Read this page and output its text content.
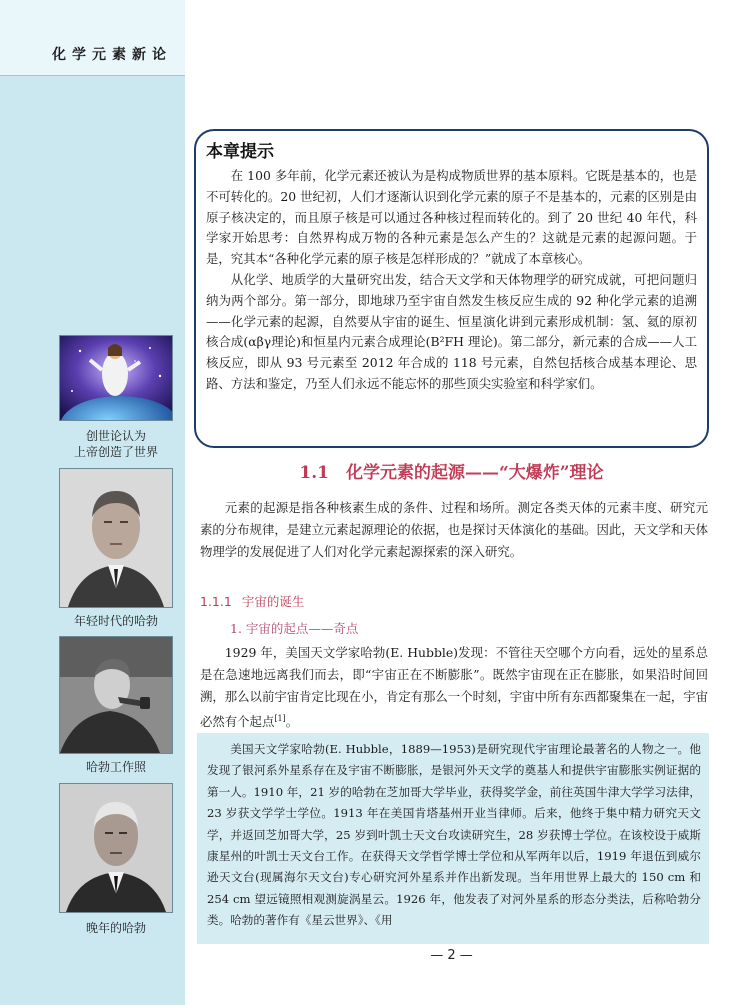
化学元素新论
创世论认为
上帝创造了世界
年轻时代的哈勃
哈勃工作照
晚年的哈勃
本章提示

在 100 多年前，化学元素还被认为是构成物质世界的基本原料。它既是基本的，也是不可转化的。20 世纪初，人们才逐渐认识到化学元素的原子不是基本的，元素的区别是由原子核决定的，而且原子核是可以通过各种核过程而转化的。到了 20 世纪 40 年代，科学家开始思考：自然界构成万物的各种元素是怎么产生的？这就是元素的起源问题。于是，究其本“各种化学元素的原子核是怎样形成的？”就成了本章核心。

从化学、地质学的大量研究出发，结合天文学和天体物理学的研究成就，可把问题归纳为两个部分。第一部分，即地球乃至宇宙自然发生核反应生成的 92 种化学元素的追溯——化学元素的起源，自然要从宇宙的诞生、恒星演化讲到元素形成机制：氢、氦的原初核合成(αβγ理论)和恒星内元素合成理论(B²FH 理论)。第二部分，新元素的合成——人工核反应，即从 93 号元素至 2012 年合成的 118 号元素，自然包括核合成基本理论、思路、方法和鉴定，乃至人们永远不能忘怀的那些顶尖实验室和科学家们。

1.1　化学元素的起源——“大爆炸”理论

元素的起源是指各种核素生成的条件、过程和场所。测定各类天体的元素丰度、研究元素的分布规律，是建立元素起源理论的依据，也是探讨天体演化的基础。因此，天文学和天体物理学的发展促进了人们对化学元素起源探索的深入研究。

1.1.1 宇宙的诞生
1. 宇宙的起点——奇点

1929 年，美国天文学家哈勃(E. Hubble)发现：不管往天空哪个方向看，远处的星系总是在急速地远离我们而去，即“宇宙正在不断膨胀”。既然宇宙现在正在膨胀，如果沿时间回溯，那么以前宇宙肯定比现在小，肯定有那么一个时刻，宇宙中所有东西都聚集在一起，宇宙必然有个起点[1]。

美国天文学家哈勃(E. Hubble，1889—1953)是研究现代宇宙理论最著名的人物之一。他发现了银河系外星系存在及宇宙不断膨胀，是银河外天文学的奠基人和提供宇宙膨胀实例证据的第一人。1910 年，21 岁的哈勃在芝加哥大学毕业，获得奖学金，前往英国牛津大学学习法律，23 岁获文学学士学位。1913 年在美国肯塔基州开业当律师。后来，他终于集中精力研究天文学，并返回芝加哥大学，25 岁到叶凯士天文台攻读研究生，28 岁获博士学位。在该校设于威斯康星州的叶凯士天文台工作。在获得天文学哲学博士学位和从军两年以后，1919 年退伍到威尔逊天文台(现属海尔天文台)专心研究河外星系并作出新发现。当年用世界上最大的 150 cm 和 254 cm 望远镜照相观测旋涡星云。1926 年，他发表了对河外星系的形态分类法，后称哈勃分类。哈勃的著作有《星云世界》、《用

— 2 —
